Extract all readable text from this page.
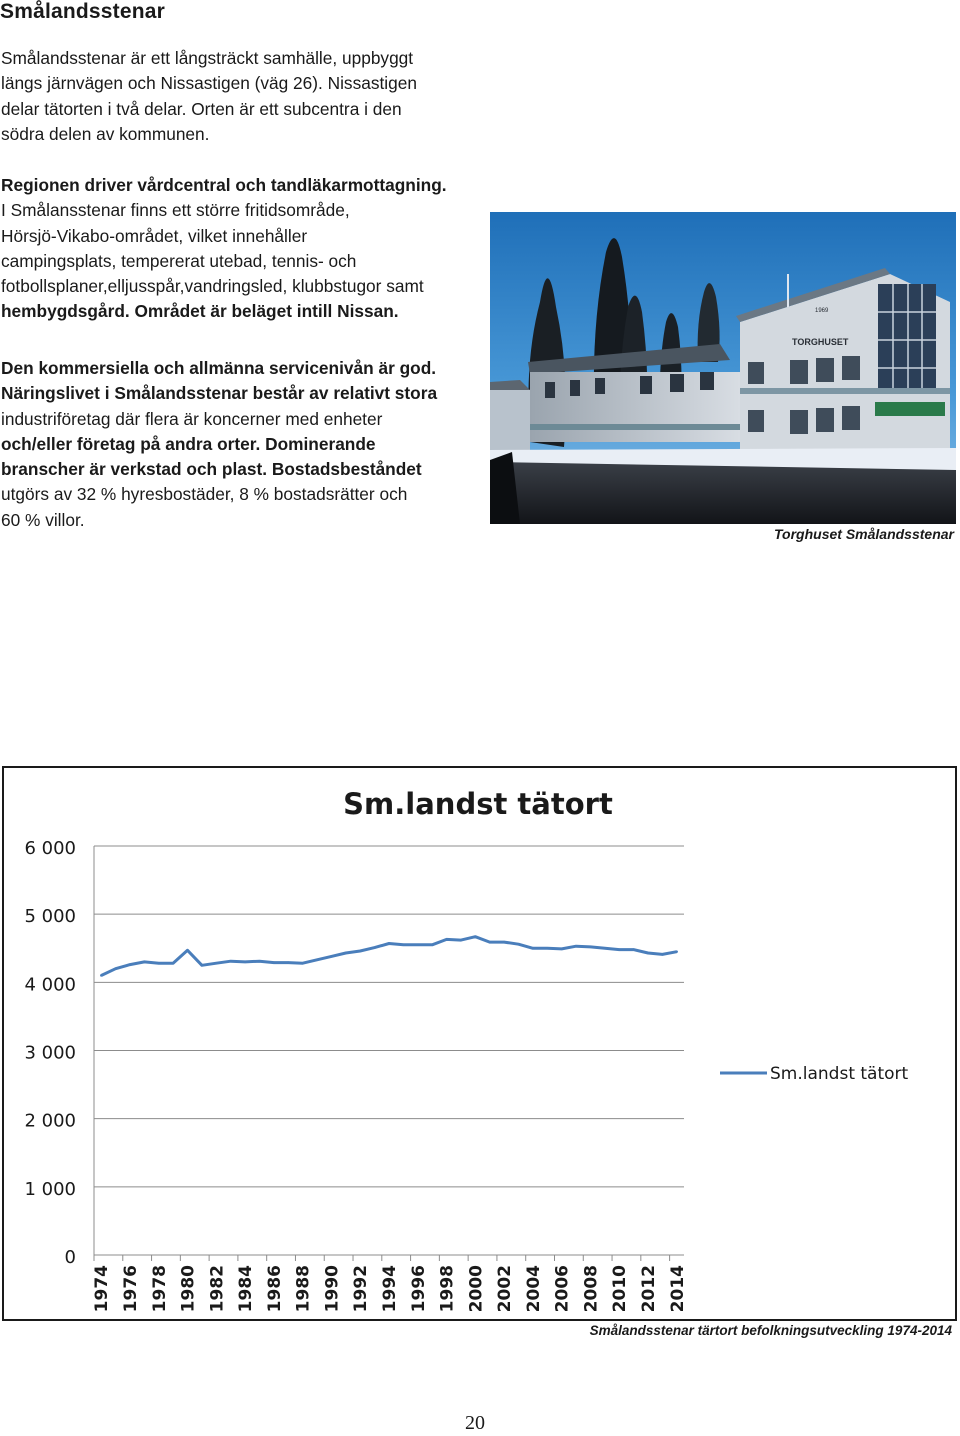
Smålandsstenar

Smålandsstenar är ett långsträckt samhälle, uppbyggt
längs järnvägen och Nissastigen (väg 26). Nissastigen
delar tätorten i två delar. Orten är ett subcentra i den
södra delen av kommunen.

Regionen driver vårdcentral och tandläkarmottagning.
I Smålansstenar finns ett större fritidsområde,
Hörsjö-Vikabo-området, vilket innehåller
campingsplats, tempererat utebad, tennis- och
fotbollsplaner,elljusspår,vandringsled, klubbstugor samt
hembygdsgård. Området är beläget intill Nissan.

Den kommersiella och allmänna servicenivån är god.
Näringslivet i Smålandsstenar består av relativt stora
industriföretag där flera är koncerner med enheter
och/eller företag på andra orter. Dominerande
branscher är verkstad och plast. Bostadsbeståndet
utgörs av 32 % hyresbostäder, 8 % bostadsrätter och
60 % villor.

TORGHUSET
1969
Torghuset Smålandsstenar
Sm.landst tätort
0
1 000
2 000
3 000
4 000
5 000
6 000
1974 1976 1978 1980 1982 1984 1986 1988 1990 1992 1994 1996 1998 2000 2002 2004 2006 2008 2010 2012 2014
Sm.landst tätort
Smålandsstenar tärtort befolkningsutveckling 1974-2014
20
